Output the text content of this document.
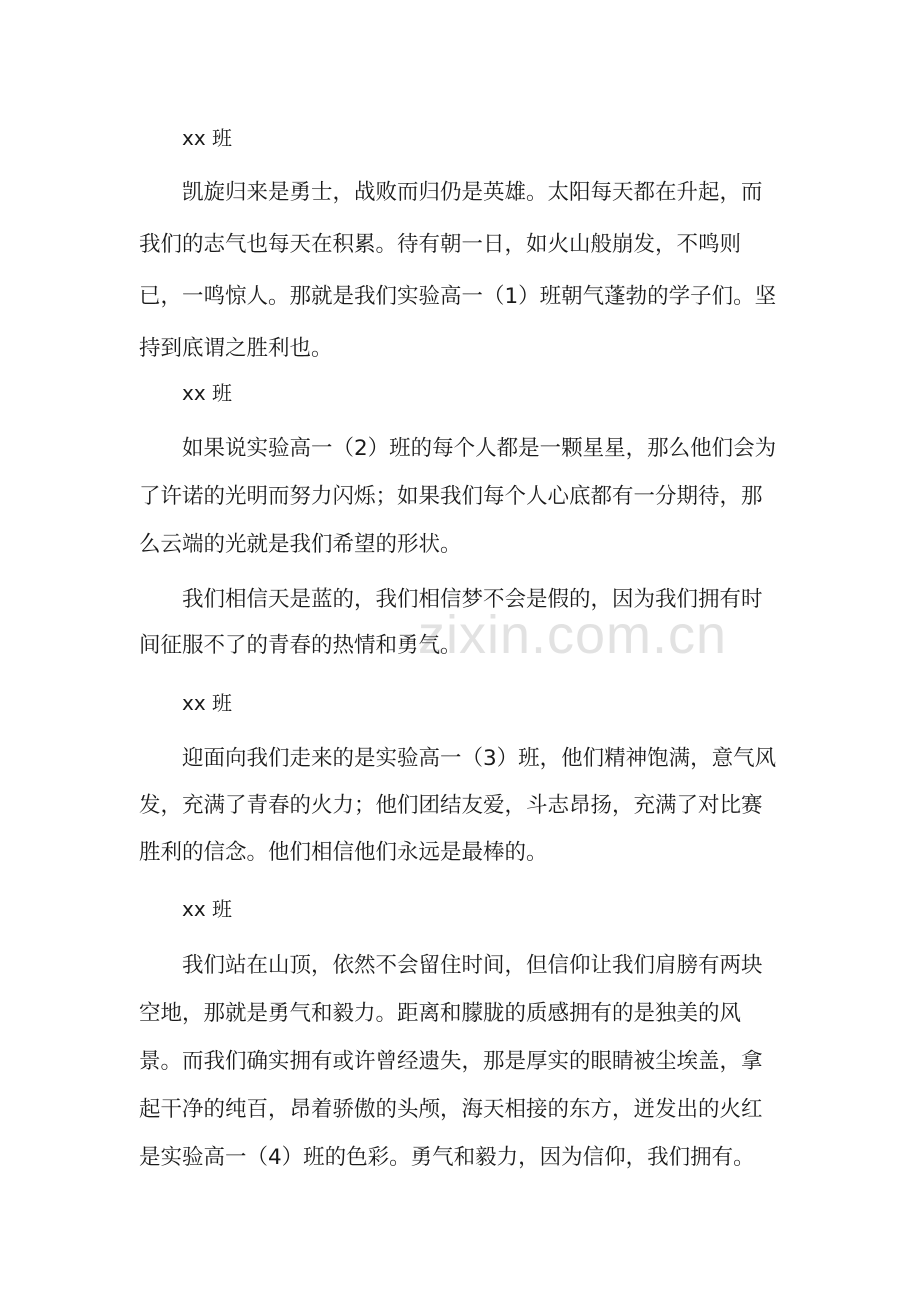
zixin.com.cn
xx 班
　　凯旋归来是勇士，战败而归仍是英雄。太阳每天都在升起，而
我们的志气也每天在积累。待有朝一日，如火山般崩发，不鸣则
已，一鸣惊人。那就是我们实验高一（1）班朝气蓬勃的学子们。坚
持到底谓之胜利也。
xx 班
　　如果说实验高一（2）班的每个人都是一颗星星，那么他们会为
了许诺的光明而努力闪烁；如果我们每个人心底都有一分期待，那
么云端的光就是我们希望的形状。
　　我们相信天是蓝的，我们相信梦不会是假的，因为我们拥有时
间征服不了的青春的热情和勇气。
xx 班
　　迎面向我们走来的是实验高一（3）班，他们精神饱满，意气风
发，充满了青春的火力；他们团结友爱，斗志昂扬，充满了对比赛
胜利的信念。他们相信他们永远是最棒的。
xx 班
　　我们站在山顶，依然不会留住时间，但信仰让我们肩膀有两块
空地，那就是勇气和毅力。距离和朦胧的质感拥有的是独美的风
景。而我们确实拥有或许曾经遗失，那是厚实的眼睛被尘埃盖，拿
起干净的纯百，昂着骄傲的头颅，海天相接的东方，迸发出的火红
是实验高一（4）班的色彩。勇气和毅力，因为信仰，我们拥有。
